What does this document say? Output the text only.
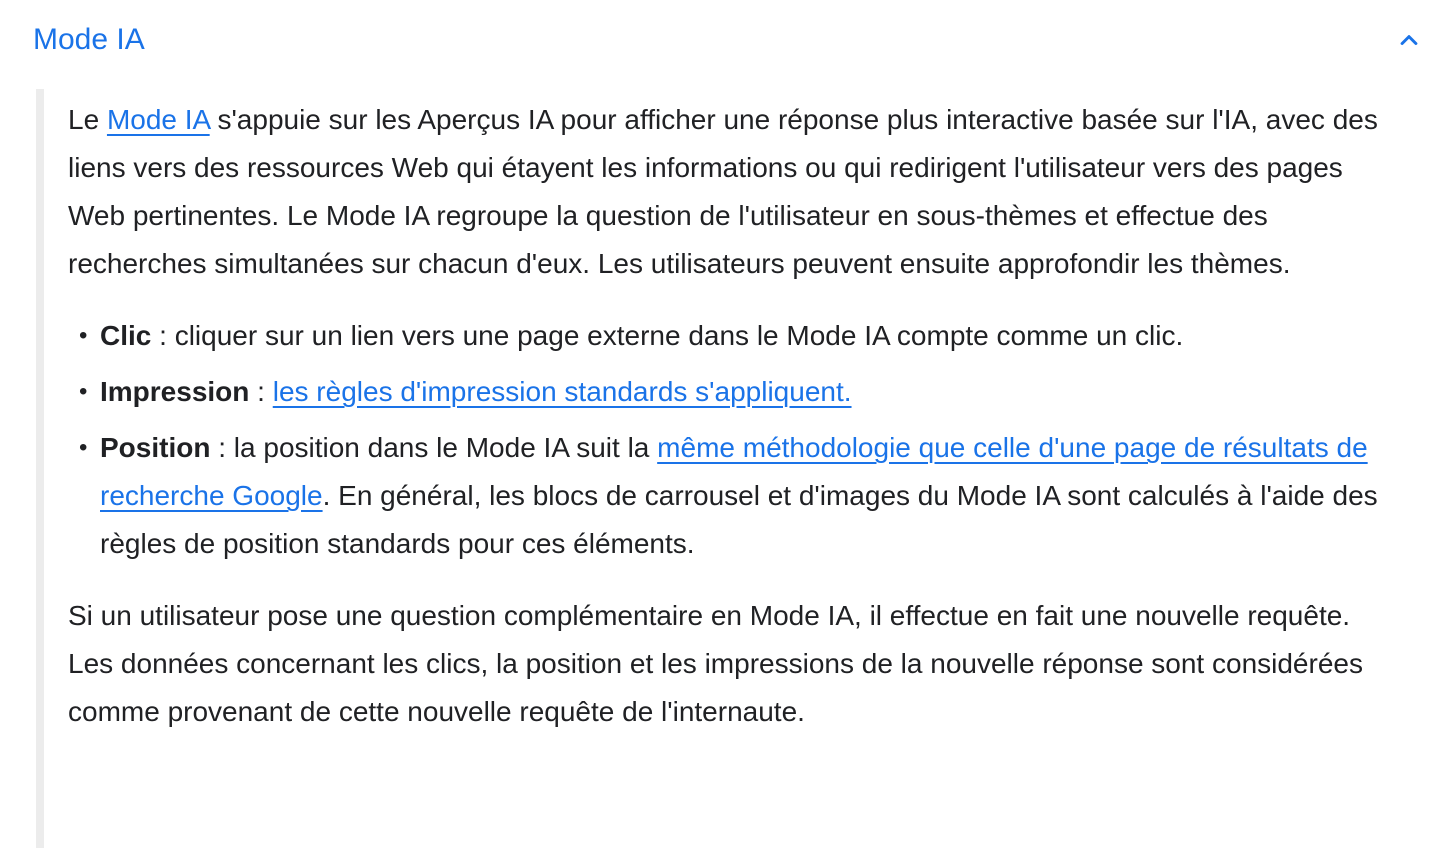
Mode IA

Le Mode IA s'appuie sur les Aperçus IA pour afficher une réponse plus interactive basée sur l'IA, avec des liens vers des ressources Web qui étayent les informations ou qui redirigent l'utilisateur vers des pages Web pertinentes. Le Mode IA regroupe la question de l'utilisateur en sous-thèmes et effectue des recherches simultanées sur chacun d'eux. Les utilisateurs peuvent ensuite approfondir les thèmes.

• Clic : cliquer sur un lien vers une page externe dans le Mode IA compte comme un clic.
• Impression : les règles d'impression standards s'appliquent.
• Position : la position dans le Mode IA suit la même méthodologie que celle d'une page de résultats de recherche Google. En général, les blocs de carrousel et d'images du Mode IA sont calculés à l'aide des règles de position standards pour ces éléments.

Si un utilisateur pose une question complémentaire en Mode IA, il effectue en fait une nouvelle requête. Les données concernant les clics, la position et les impressions de la nouvelle réponse sont considérées comme provenant de cette nouvelle requête de l'internaute.
